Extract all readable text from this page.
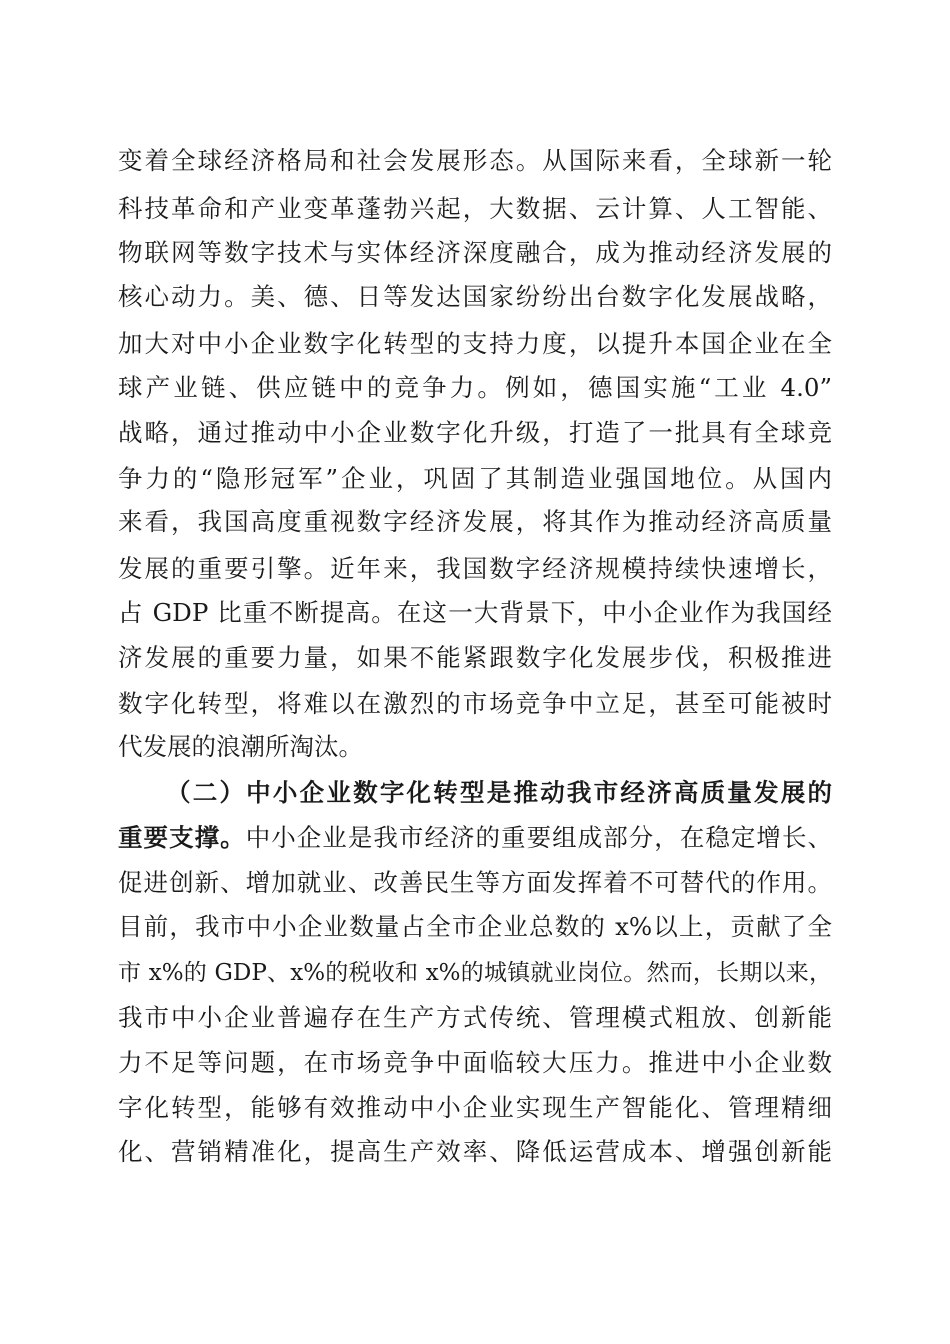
变着全球经济格局和社会发展形态。从国际来看，全球新一轮
科技革命和产业变革蓬勃兴起，大数据、云计算、人工智能、
物联网等数字技术与实体经济深度融合，成为推动经济发展的
核心动力。美、德、日等发达国家纷纷出台数字化发展战略，
加大对中小企业数字化转型的支持力度，以提升本国企业在全
球产业链、供应链中的竞争力。例如，德国实施“工业 4.0”
战略，通过推动中小企业数字化升级，打造了一批具有全球竞
争力的“隐形冠军”企业，巩固了其制造业强国地位。从国内
来看，我国高度重视数字经济发展，将其作为推动经济高质量
发展的重要引擎。近年来，我国数字经济规模持续快速增长，
占 GDP 比重不断提高。在这一大背景下，中小企业作为我国经
济发展的重要力量，如果不能紧跟数字化发展步伐，积极推进
数字化转型，将难以在激烈的市场竞争中立足，甚至可能被时
代发展的浪潮所淘汰。
（二）中小企业数字化转型是推动我市经济高质量发展的
重要支撑。中小企业是我市经济的重要组成部分，在稳定增长、
促进创新、增加就业、改善民生等方面发挥着不可替代的作用。
目前，我市中小企业数量占全市企业总数的 x%以上，贡献了全
市 x%的 GDP、x%的税收和 x%的城镇就业岗位。然而，长期以来，
我市中小企业普遍存在生产方式传统、管理模式粗放、创新能
力不足等问题，在市场竞争中面临较大压力。推进中小企业数
字化转型，能够有效推动中小企业实现生产智能化、管理精细
化、营销精准化，提高生产效率、降低运营成本、增强创新能
